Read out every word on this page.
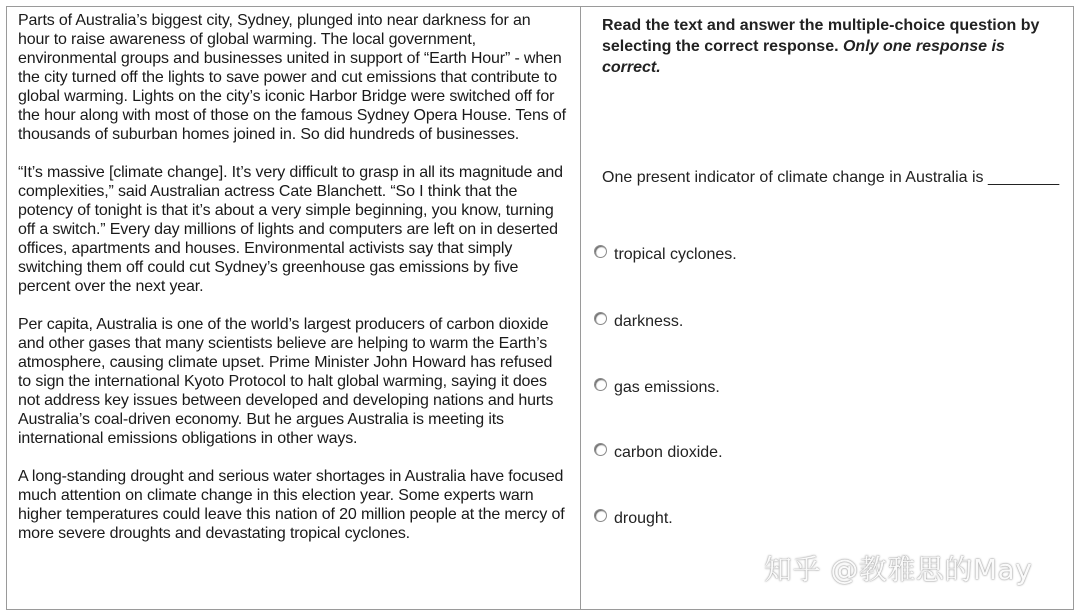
Parts of Australia’s biggest city, Sydney, plunged into near darkness for an hour to raise awareness of global warming. The local government, environmental groups and businesses united in support of “Earth Hour” - when the city turned off the lights to save power and cut emissions that contribute to global warming. Lights on the city’s iconic Harbor Bridge were switched off for the hour along with most of those on the famous Sydney Opera House. Tens of thousands of suburban homes joined in. So did hundreds of businesses.

“It’s massive [climate change]. It’s very difficult to grasp in all its magnitude and complexities,” said Australian actress Cate Blanchett. “So I think that the potency of tonight is that it’s about a very simple beginning, you know, turning off a switch.” Every day millions of lights and computers are left on in deserted offices, apartments and houses. Environmental activists say that simply switching them off could cut Sydney’s greenhouse gas emissions by five percent over the next year.

Per capita, Australia is one of the world’s largest producers of carbon dioxide and other gases that many scientists believe are helping to warm the Earth’s atmosphere, causing climate upset. Prime Minister John Howard has refused to sign the international Kyoto Protocol to halt global warming, saying it does not address key issues between developed and developing nations and hurts Australia’s coal-driven economy. But he argues Australia is meeting its international emissions obligations in other ways.

A long-standing drought and serious water shortages in Australia have focused much attention on climate change in this election year. Some experts warn higher temperatures could leave this nation of 20 million people at the mercy of more severe droughts and devastating tropical cyclones.

Read the text and answer the multiple-choice question by selecting the correct response. Only one response is correct.
One present indicator of climate change in Australia is ________
tropical cyclones.
darkness.
gas emissions.
carbon dioxide.
drought.
知乎 @教雅思的May
